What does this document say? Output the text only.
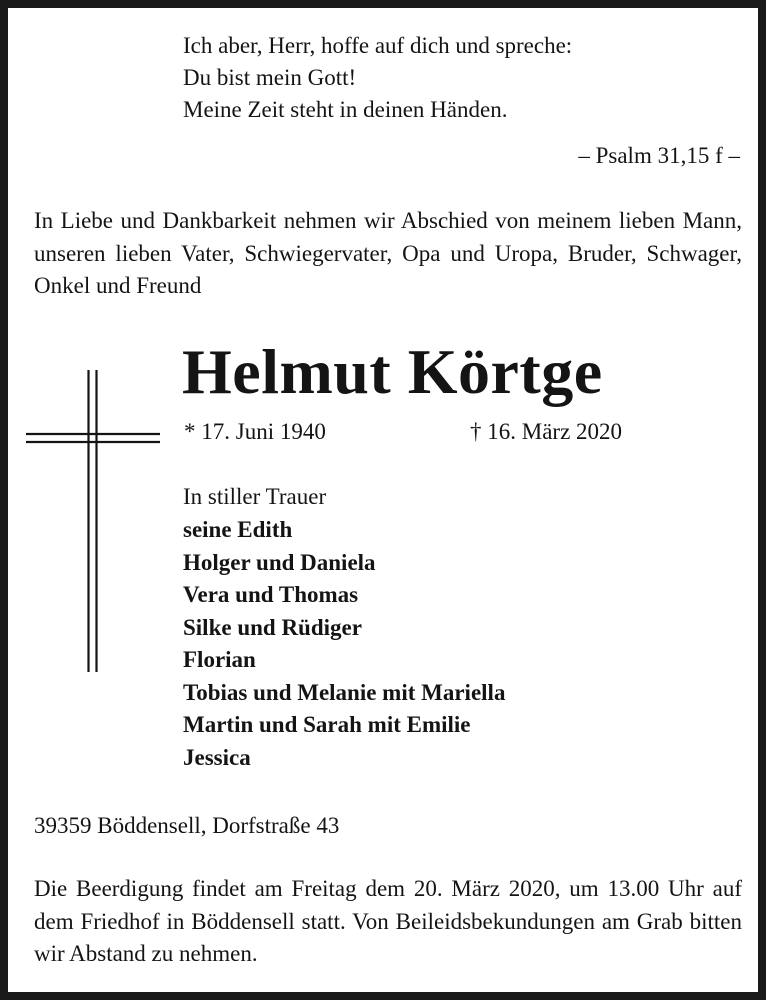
Ich aber, Herr, hoffe auf dich und spreche:
Du bist mein Gott!
Meine Zeit steht in deinen Händen.
– Psalm 31,15 f –
In Liebe und Dankbarkeit nehmen wir Abschied von meinem lieben Mann, unseren lieben Vater, Schwiegervater, Opa und Uropa, Bruder, Schwager, Onkel und Freund
Helmut Körtge
* 17. Juni 1940	† 16. März 2020
In stiller Trauer
seine Edith
Holger und Daniela
Vera und Thomas
Silke und Rüdiger
Florian
Tobias und Melanie mit Mariella
Martin und Sarah mit Emilie
Jessica
39359 Böddensell, Dorfstraße 43
Die Beerdigung findet am Freitag dem 20. März 2020, um 13.00 Uhr auf dem Friedhof in Böddensell statt. Von Beileidsbekundungen am Grab bitten wir Abstand zu nehmen.
